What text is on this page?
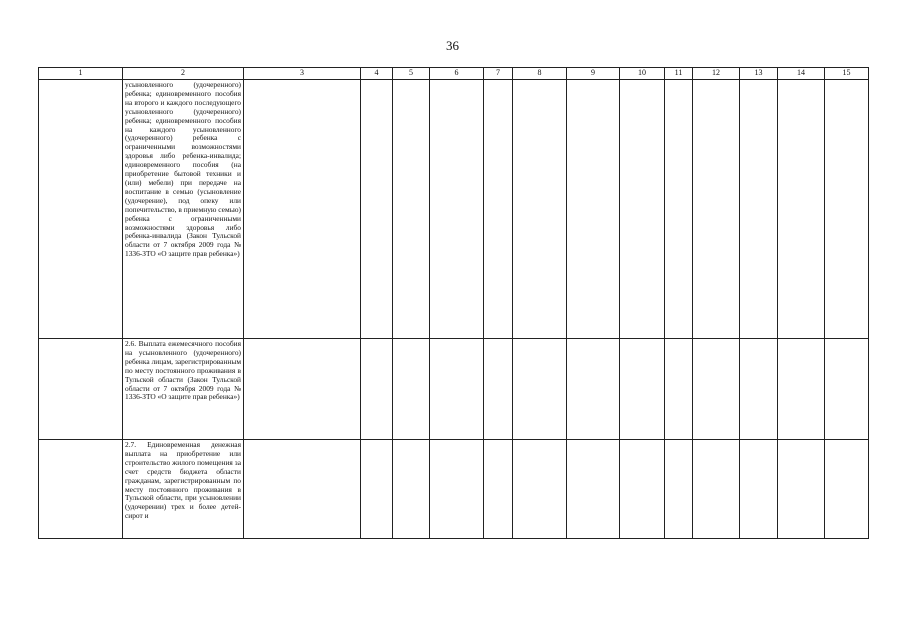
36
1	2	3	4	5	6	7	8	9	10	11	12	13	14	15

	усыновленного (удочеренного) ребенка; единовременного пособия на второго и каждого последующего усыновленного (удочеренного) ребенка; единовременного пособия на каждого усыновленного (удочеренного) ребенка с ограниченными возможностями здоровья либо ребенка-инвалида; единовременного пособия (на приобретение бытовой техники и (или) мебели) при передаче на воспитание в семью (усыновление (удочерение), под опеку или попечительство, в приемную семью) ребенка с ограниченными возможностями здоровья либо ребенка-инвалида (Закон Тульской области от 7 октября 2009 года № 1336-ЗТО «О защите прав ребенка»)													

	2.6. Выплата ежемесячного пособия на усыновленного (удочеренного) ребенка лицам, зарегистрированным по месту постоянного проживания в Тульской области (Закон Тульской области от 7 октября 2009 года № 1336-ЗТО «О защите прав ребенка»)													

	2.7. Единовременная денежная выплата на приобретение или строительство жилого помещения за счет средств бюджета области гражданам, зарегистрированным по месту постоянного проживания в Тульской области, при усыновлении (удочерении) трех и более детей-сирот и													
